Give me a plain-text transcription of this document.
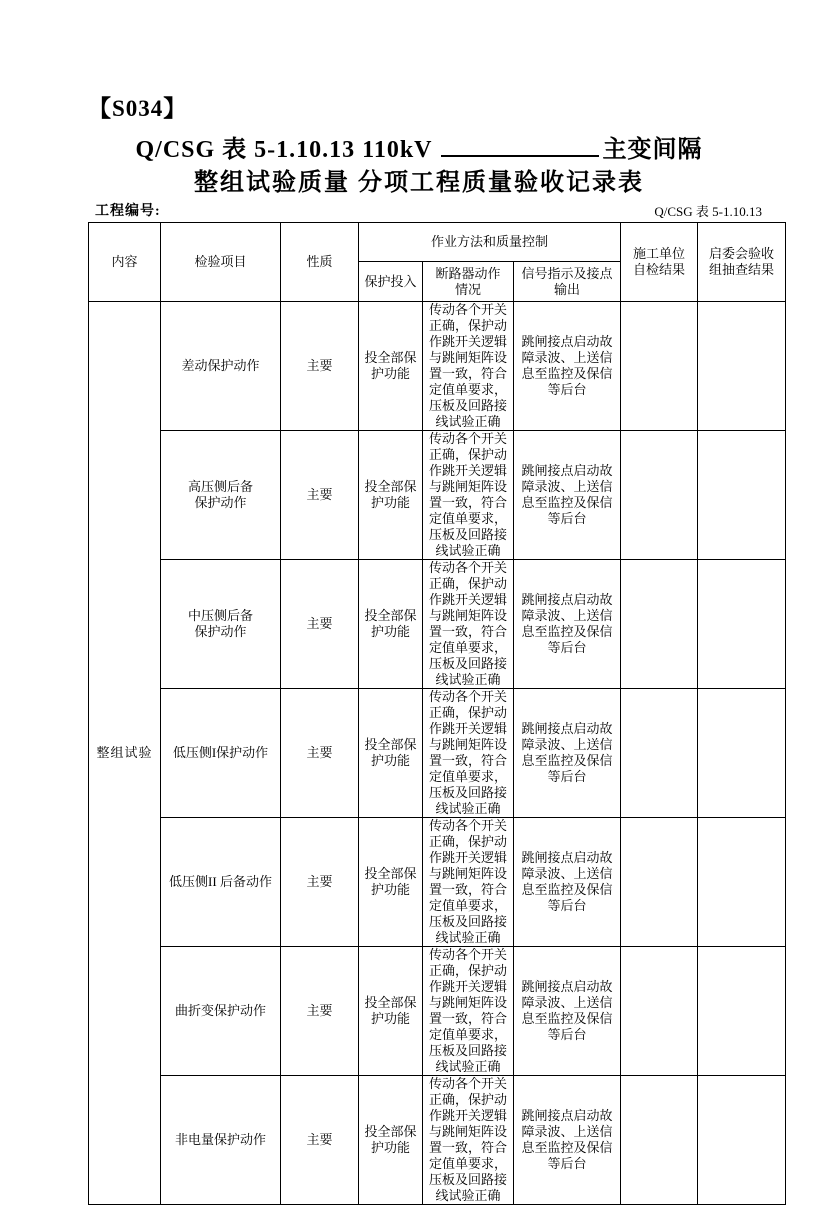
【S034】
Q/CSG 表 5-1.10.13 110kV	主变间隔
整组试验质量 分项工程质量验收记录表
工程编号:	Q/CSG 表 5-1.10.13
内容	检验项目	性质	作业方法和质量控制			施工单位
自检结果	启委会验收
组抽查结果
			保护投入	断路器动作
情况	信号指示及接点
输出		
整组试验	差动保护动作	主要	投全部保护功能	传动各个开关正确，保护动作跳开关逻辑与跳闸矩阵设置一致，符合定值单要求，压板及回路接线试验正确	跳闸接点启动故障录波、上送信息至监控及保信等后台		
	高压侧后备
保护动作	主要	投全部保护功能	传动各个开关正确，保护动作跳开关逻辑与跳闸矩阵设置一致，符合定值单要求，压板及回路接线试验正确	跳闸接点启动故障录波、上送信息至监控及保信等后台		
	中压侧后备
保护动作	主要	投全部保护功能	传动各个开关正确，保护动作跳开关逻辑与跳闸矩阵设置一致，符合定值单要求，压板及回路接线试验正确	跳闸接点启动故障录波、上送信息至监控及保信等后台		
	低压侧I保护动作	主要	投全部保护功能	传动各个开关正确，保护动作跳开关逻辑与跳闸矩阵设置一致，符合定值单要求，压板及回路接线试验正确	跳闸接点启动故障录波、上送信息至监控及保信等后台		
	低压侧II 后备动作	主要	投全部保护功能	传动各个开关正确，保护动作跳开关逻辑与跳闸矩阵设置一致，符合定值单要求，压板及回路接线试验正确	跳闸接点启动故障录波、上送信息至监控及保信等后台		
	曲折变保护动作	主要	投全部保护功能	传动各个开关正确，保护动作跳开关逻辑与跳闸矩阵设置一致，符合定值单要求，压板及回路接线试验正确	跳闸接点启动故障录波、上送信息至监控及保信等后台		
	非电量保护动作	主要	投全部保护功能	传动各个开关正确，保护动作跳开关逻辑与跳闸矩阵设置一致，符合定值单要求，压板及回路接线试验正确	跳闸接点启动故障录波、上送信息至监控及保信等后台		
